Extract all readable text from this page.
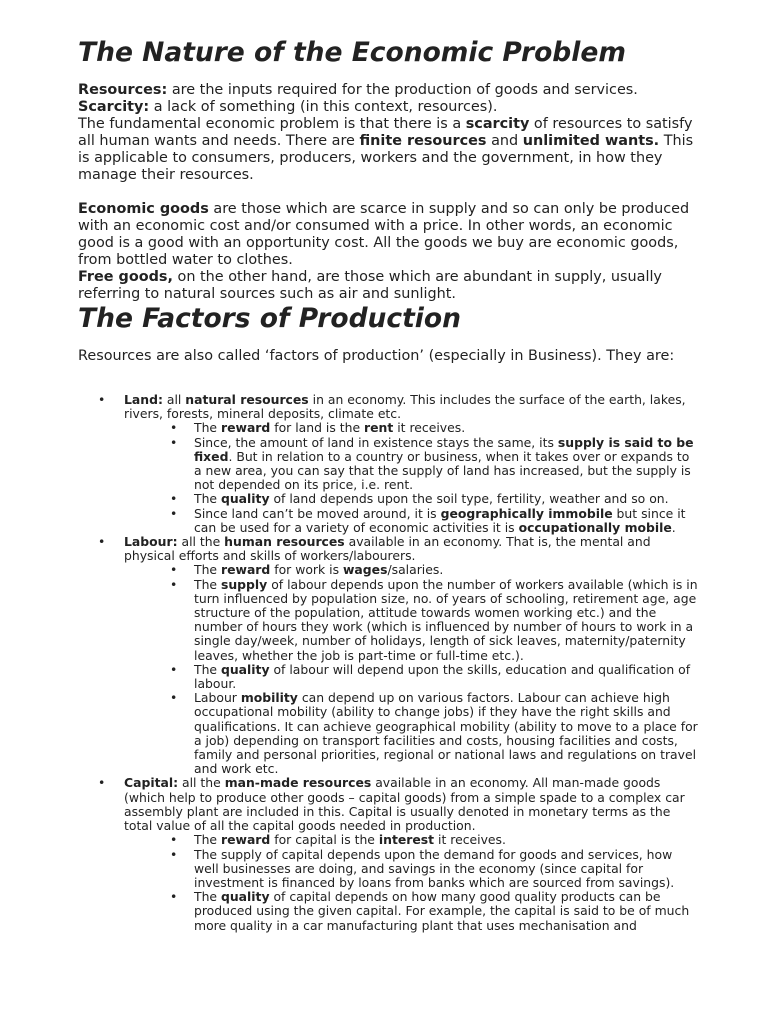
The Nature of the Economic Problem

Resources: are the inputs required for the production of goods and services.

Scarcity: a lack of something (in this context, resources).

The fundamental economic problem is that there is a scarcity of resources to satisfy all human wants and needs. There are finite resources and unlimited wants. This is applicable to consumers, producers, workers and the government, in how they manage their resources.

Economic goods are those which are scarce in supply and so can only be produced with an economic cost and/or consumed with a price. In other words, an economic good is a good with an opportunity cost. All the goods we buy are economic goods, from bottled water to clothes.

Free goods, on the other hand, are those which are abundant in supply, usually referring to natural sources such as air and sunlight.

The Factors of Production

Resources are also called ‘factors of production’ (especially in Business). They are:

• Land: all natural resources in an economy. This includes the surface of the earth, lakes, rivers, forests, mineral deposits, climate etc.
• The reward for land is the rent it receives.
• Since, the amount of land in existence stays the same, its supply is said to be fixed. But in relation to a country or business, when it takes over or expands to a new area, you can say that the supply of land has increased, but the supply is not depended on its price, i.e. rent.
• The quality of land depends upon the soil type, fertility, weather and so on.
• Since land can’t be moved around, it is geographically immobile but since it can be used for a variety of economic activities it is occupationally mobile.
• Labour: all the human resources available in an economy. That is, the mental and physical efforts and skills of workers/labourers.
• The reward for work is wages/salaries.
• The supply of labour depends upon the number of workers available (which is in turn influenced by population size, no. of years of schooling, retirement age, age structure of the population, attitude towards women working etc.) and the number of hours they work (which is influenced by number of hours to work in a single day/week, number of holidays, length of sick leaves, maternity/paternity leaves, whether the job is part-time or full-time etc.).
• The quality of labour will depend upon the skills, education and qualification of labour.
• Labour mobility can depend up on various factors. Labour can achieve high occupational mobility (ability to change jobs) if they have the right skills and qualifications. It can achieve geographical mobility (ability to move to a place for a job) depending on transport facilities and costs, housing facilities and costs, family and personal priorities, regional or national laws and regulations on travel and work etc.
• Capital: all the man-made resources available in an economy. All man-made goods (which help to produce other goods – capital goods) from a simple spade to a complex car assembly plant are included in this. Capital is usually denoted in monetary terms as the total value of all the capital goods needed in production.
• The reward for capital is the interest it receives.
• The supply of capital depends upon the demand for goods and services, how well businesses are doing, and savings in the economy (since capital for investment is financed by loans from banks which are sourced from savings).
• The quality of capital depends on how many good quality products can be produced using the given capital. For example, the capital is said to be of much more quality in a car manufacturing plant that uses mechanisation and
